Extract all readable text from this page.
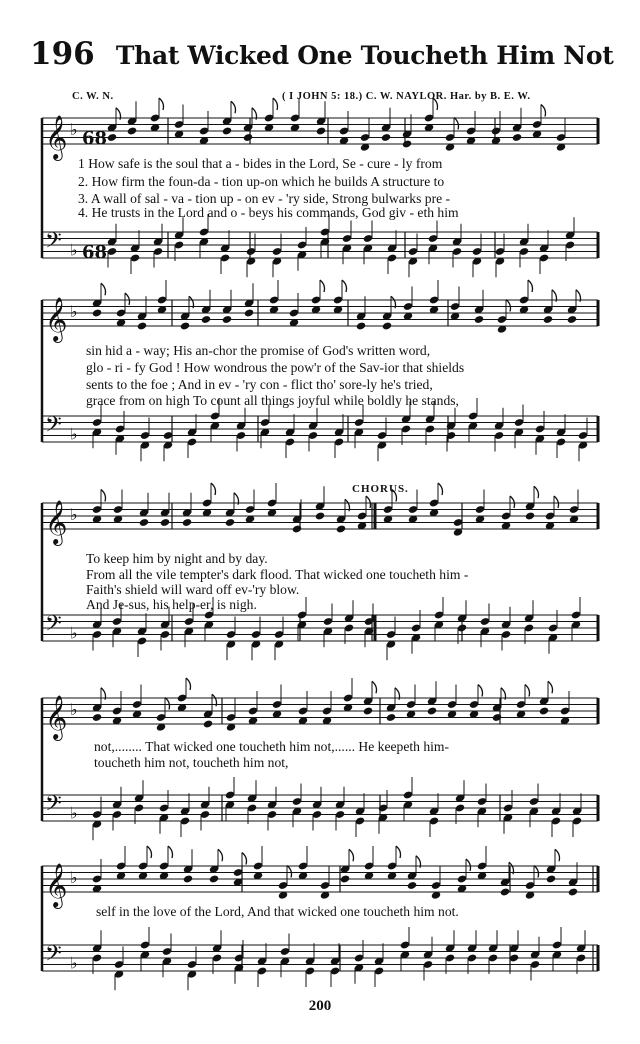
196 That Wicked One Toucheth Him Not
C. W. N.	( I JOHN 5: 18.) C. W. NAYLOR. Har. by B. E. W.
𝄞 ♭ 68
𝄢 ♭ 68
𝄞 ♭
𝄢 ♭
𝄞 ♭
𝄢 ♭
𝄞 ♭
𝄢 ♭
𝄞 ♭
𝄢 ♭
1 How safe is the soul that a - bides in the Lord, Se - cure - ly from
2. How firm the foun-da - tion up-on which he builds A structure to
3. A wall of sal - va - tion up - on ev - 'ry side, Strong bulwarks pre -
4. He trusts in the Lord and o - beys his commands, God giv - eth him
sin hid a - way; His an-chor the promise of God's written word,
glo - ri - fy God ! How wondrous the pow'r of the Sav-ior that shields
sents to the foe ; And in ev - 'ry con - flict tho' sore-ly he's tried,
grace from on high To count all things joyful while boldly he stands,
CHORUS.
To keep him by night and by day.
From all the vile tempter's dark flood. That wicked one toucheth him -
Faith's shield will ward off ev-'ry blow.
And Je-sus, his help-er, is nigh.
not,........ That wicked one toucheth him not,...... He keepeth him-
toucheth him not, toucheth him not,
self in the love of the Lord, And that wicked one toucheth him not.
200
